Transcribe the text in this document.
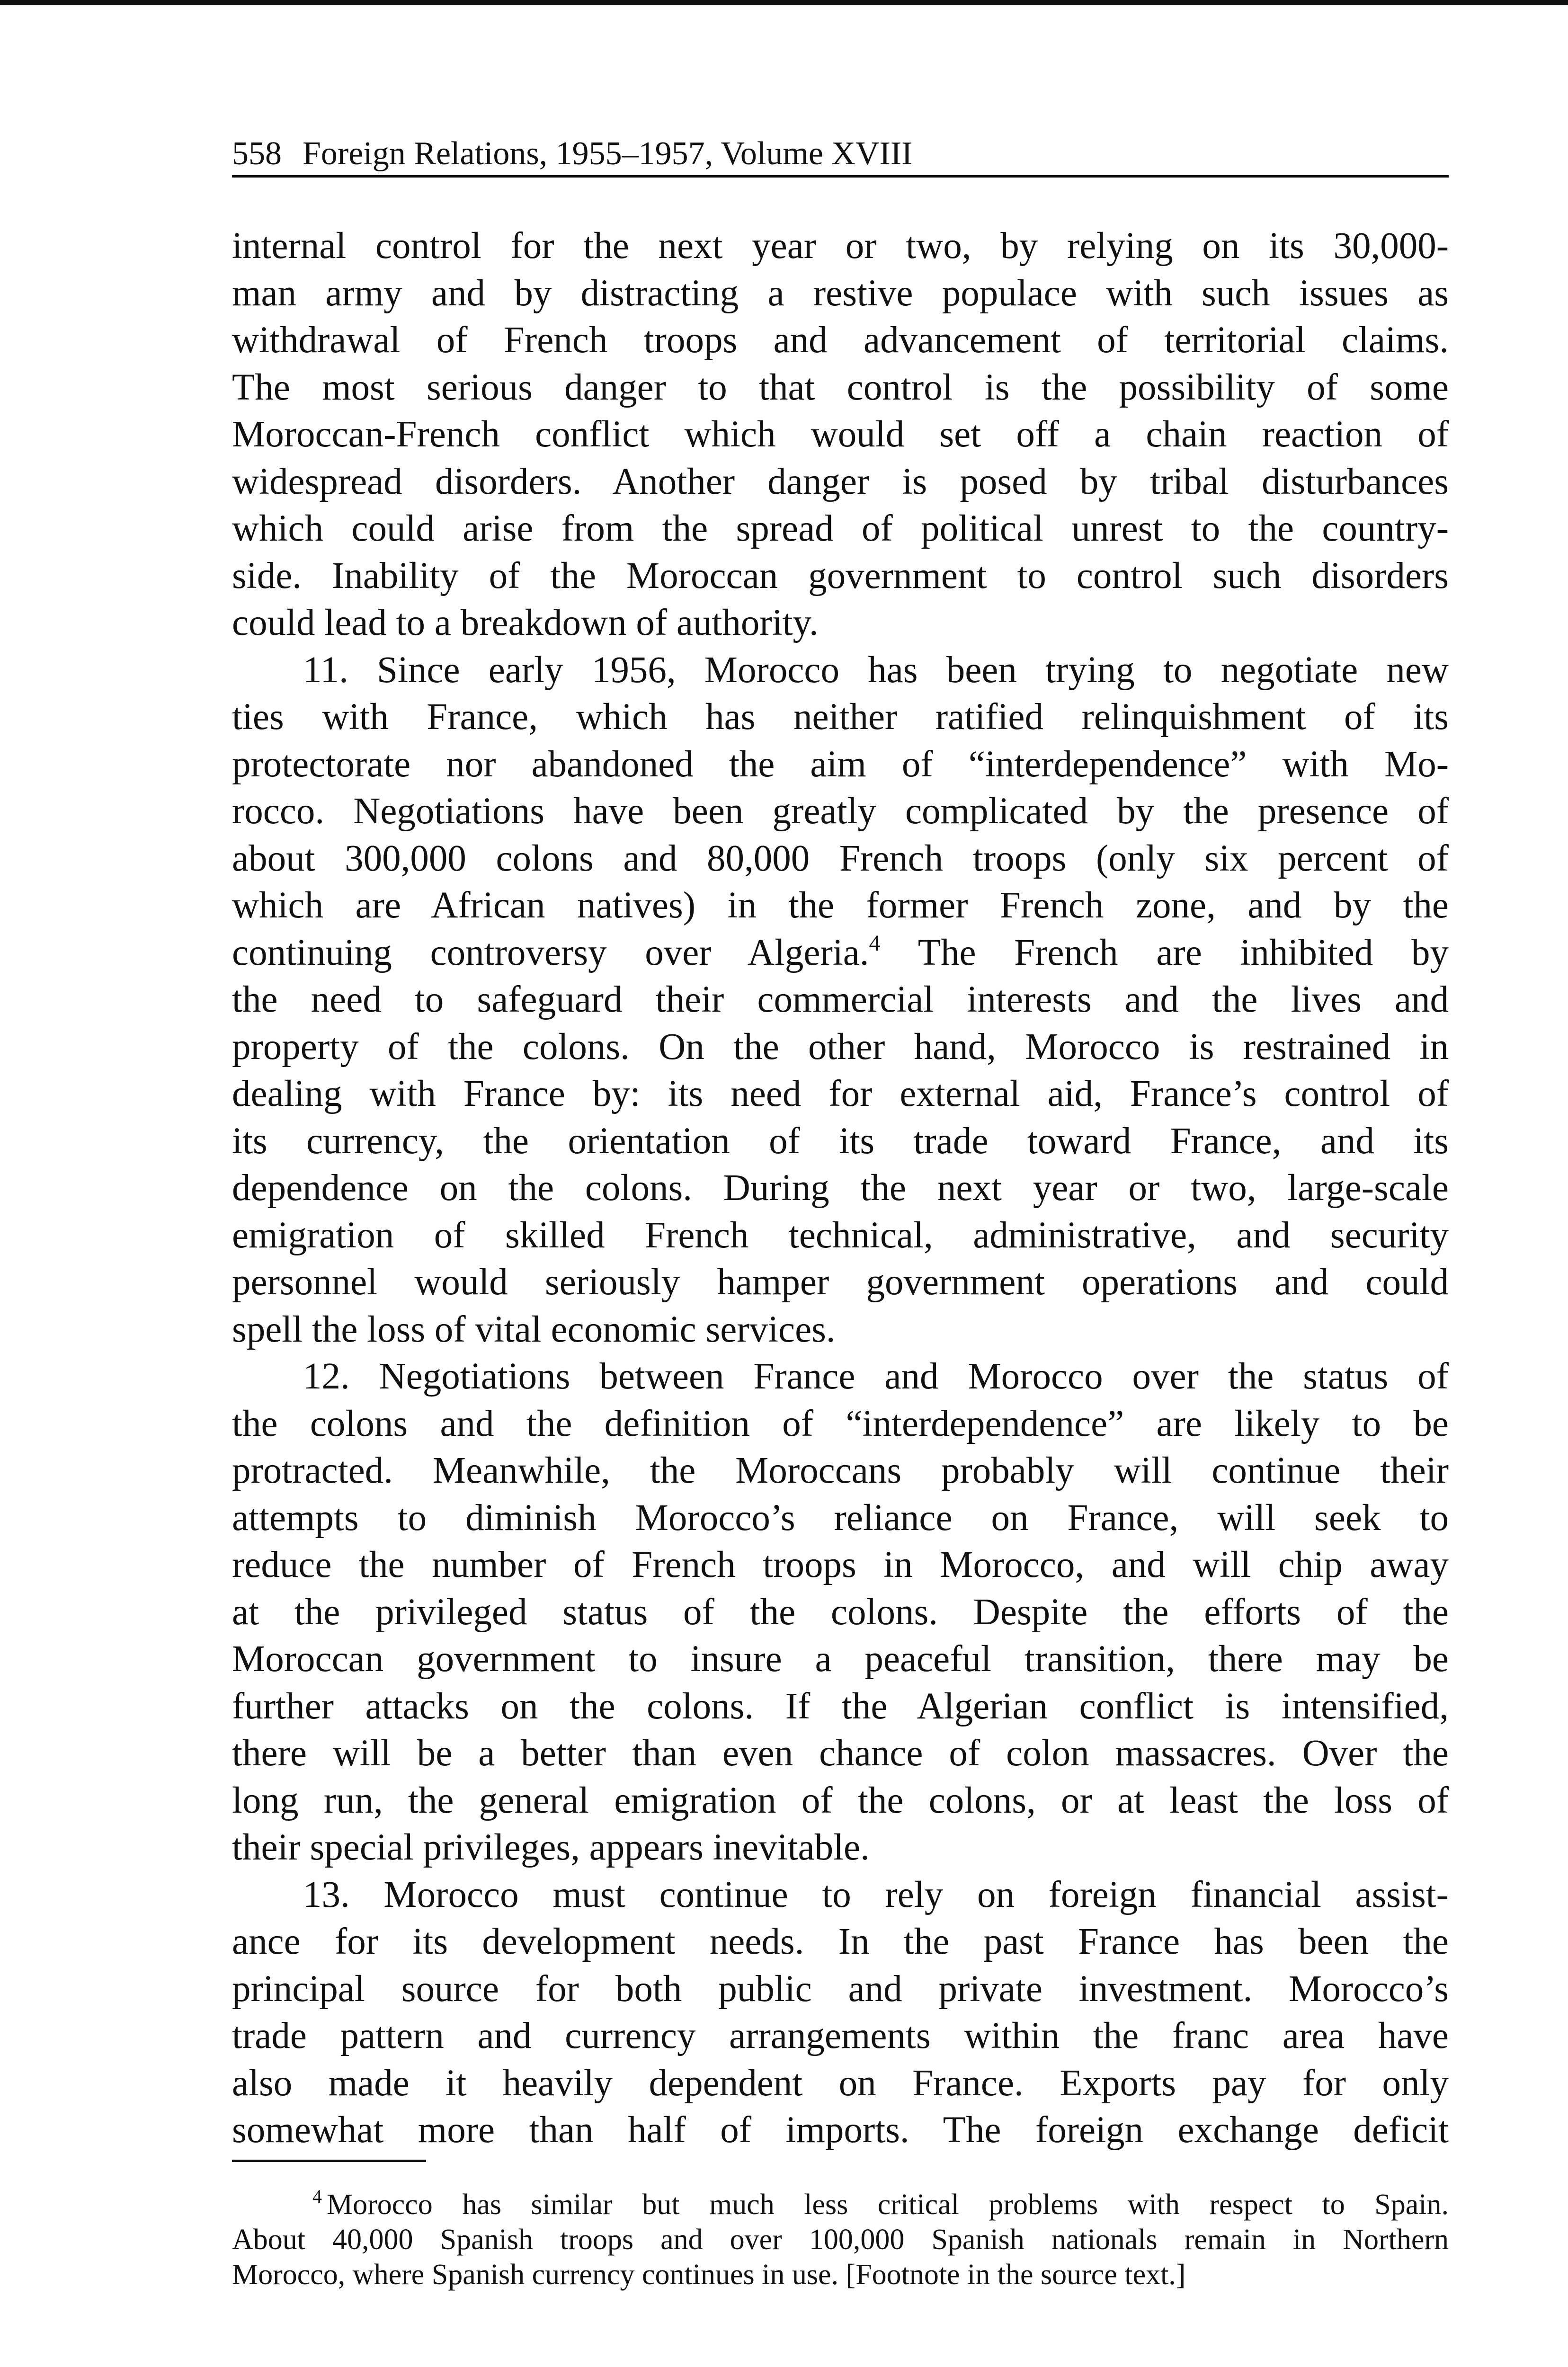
558 Foreign Relations, 1955–1957, Volume XVIII

internal control for the next year or two, by relying on its 30,000-
man army and by distracting a restive populace with such issues as
withdrawal of French troops and advancement of territorial claims.
The most serious danger to that control is the possibility of some
Moroccan-French conflict which would set off a chain reaction of
widespread disorders. Another danger is posed by tribal disturbances
which could arise from the spread of political unrest to the country-
side. Inability of the Moroccan government to control such disorders
could lead to a breakdown of authority.

11. Since early 1956, Morocco has been trying to negotiate new
ties with France, which has neither ratified relinquishment of its
protectorate nor abandoned the aim of “interdependence” with Mo-
rocco. Negotiations have been greatly complicated by the presence of
about 300,000 colons and 80,000 French troops (only six percent of
which are African natives) in the former French zone, and by the
continuing controversy over Algeria.$^4$ The French are inhibited by
the need to safeguard their commercial interests and the lives and
property of the colons. On the other hand, Morocco is restrained in
dealing with France by: its need for external aid, France’s control of
its currency, the orientation of its trade toward France, and its
dependence on the colons. During the next year or two, large-scale
emigration of skilled French technical, administrative, and security
personnel would seriously hamper government operations and could
spell the loss of vital economic services.

12. Negotiations between France and Morocco over the status of
the colons and the definition of “interdependence” are likely to be
protracted. Meanwhile, the Moroccans probably will continue their
attempts to diminish Morocco’s reliance on France, will seek to
reduce the number of French troops in Morocco, and will chip away
at the privileged status of the colons. Despite the efforts of the
Moroccan government to insure a peaceful transition, there may be
further attacks on the colons. If the Algerian conflict is intensified,
there will be a better than even chance of colon massacres. Over the
long run, the general emigration of the colons, or at least the loss of
their special privileges, appears inevitable.

13. Morocco must continue to rely on foreign financial assist-
ance for its development needs. In the past France has been the
principal source for both public and private investment. Morocco’s
trade pattern and currency arrangements within the franc area have
also made it heavily dependent on France. Exports pay for only
somewhat more than half of imports. The foreign exchange deficit

$^4$ Morocco has similar but much less critical problems with respect to Spain.
About 40,000 Spanish troops and over 100,000 Spanish nationals remain in Northern
Morocco, where Spanish currency continues in use. [Footnote in the source text.]
